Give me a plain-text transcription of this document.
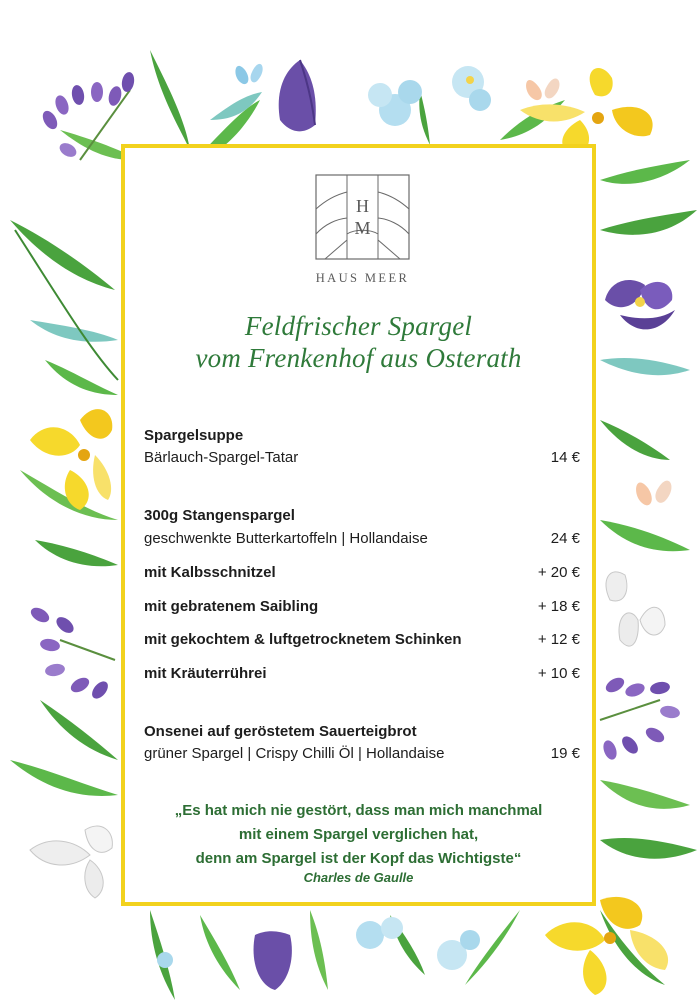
H
M
HAUS MEER
Feldfrischer Spargel
vom Frenkenhof aus Osterath
Spargelsuppe
Bärlauch-Spargel-Tatar	14 €
300g Stangenspargel
geschwenkte Butterkartoffeln | Hollandaise	24 €
mit Kalbsschnitzel	+ 20 €
mit gebratenem Saibling	+ 18 €
mit gekochtem & luftgetrocknetem Schinken	+ 12 €
mit Kräuterrührei	+ 10 €
Onsenei auf geröstetem Sauerteigbrot
grüner Spargel | Crispy Chilli Öl | Hollandaise	19 €
„Es hat mich nie gestört, dass man mich manchmal
mit einem Spargel verglichen hat,
denn am Spargel ist der Kopf das Wichtigste“
Charles de Gaulle
